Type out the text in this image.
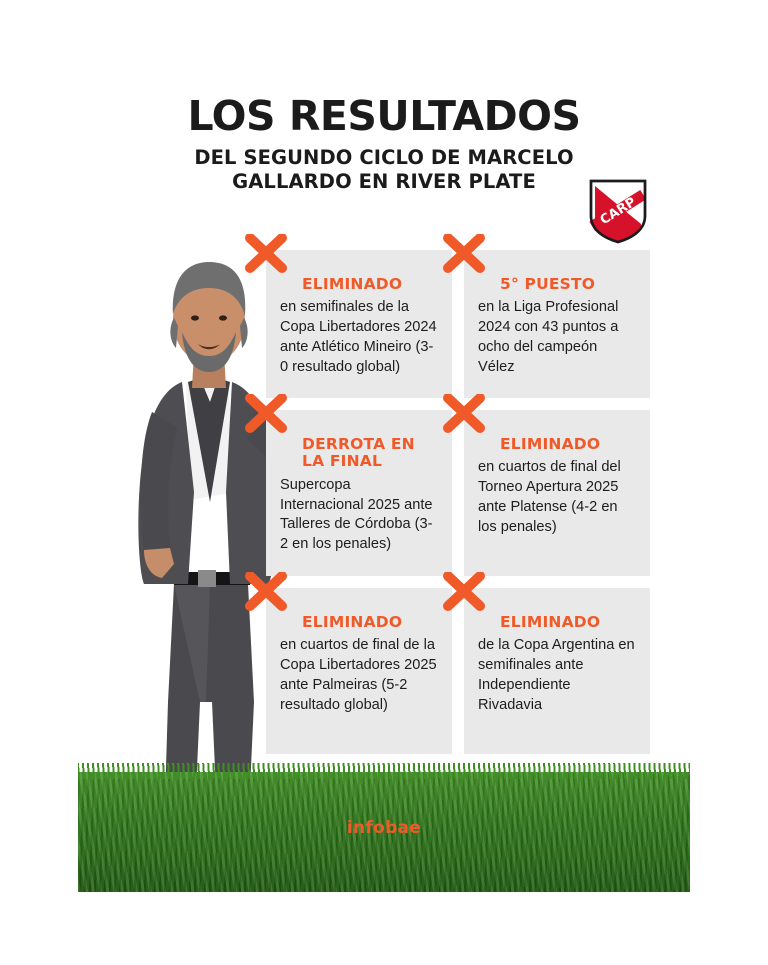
LOS RESULTADOS
DEL SEGUNDO CICLO DE MARCELO
GALLARDO EN RIVER PLATE
CARP
ELIMINADO
en semifinales de la Copa Libertadores 2024 ante Atlético Mineiro (3-0 resultado global)
5° PUESTO
en la Liga Profesional 2024 con 43 puntos a ocho del campeón Vélez
DERROTA EN LA FINAL
Supercopa Internacional 2025 ante Talleres de Córdoba (3-2 en los penales)
ELIMINADO
en cuartos de final del Torneo Apertura 2025 ante Platense (4-2 en los penales)
ELIMINADO
en cuartos de final de la Copa Libertadores 2025 ante Palmeiras (5-2 resultado global)
ELIMINADO
de la Copa Argentina en semifinales ante Independiente Rivadavia
infobae
